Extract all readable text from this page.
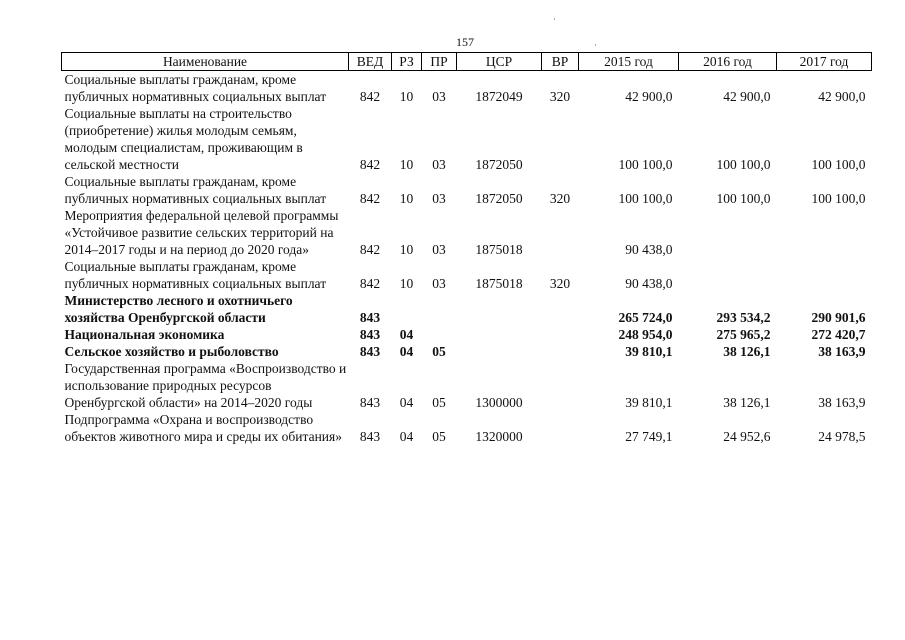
157
·
·
Наименование	ВЕД	РЗ	ПР	ЦСР	ВР	2015 год	2016 год	2017 год
Социальные выплаты гражданам, кроме публичных нормативных социальных выплат	842	10	03	1872049	320	42 900,0	42 900,0	42 900,0
Социальные выплаты на строительство (приобретение) жилья молодым семьям, молодым специалистам, проживающим в сельской местности	842	10	03	1872050		100 100,0	100 100,0	100 100,0
Социальные выплаты гражданам, кроме публичных нормативных социальных выплат	842	10	03	1872050	320	100 100,0	100 100,0	100 100,0
Мероприятия федеральной целевой программы «Устойчивое развитие сельских территорий на 2014–2017 годы и на период до 2020 года»	842	10	03	1875018		90 438,0		
Социальные выплаты гражданам, кроме публичных нормативных социальных выплат	842	10	03	1875018	320	90 438,0		
Министерство лесного и охотничьего хозяйства Оренбургской области	843					265 724,0	293 534,2	290 901,6
Национальная экономика	843	04				248 954,0	275 965,2	272 420,7
Сельское хозяйство и рыболовство	843	04	05			39 810,1	38 126,1	38 163,9
Государственная программа «Воспроизводство и использование природных ресурсов Оренбургской области» на 2014–2020 годы	843	04	05	1300000		39 810,1	38 126,1	38 163,9
Подпрограмма «Охрана и воспроизводство объектов животного мира и среды их обитания»	843	04	05	1320000		27 749,1	24 952,6	24 978,5
